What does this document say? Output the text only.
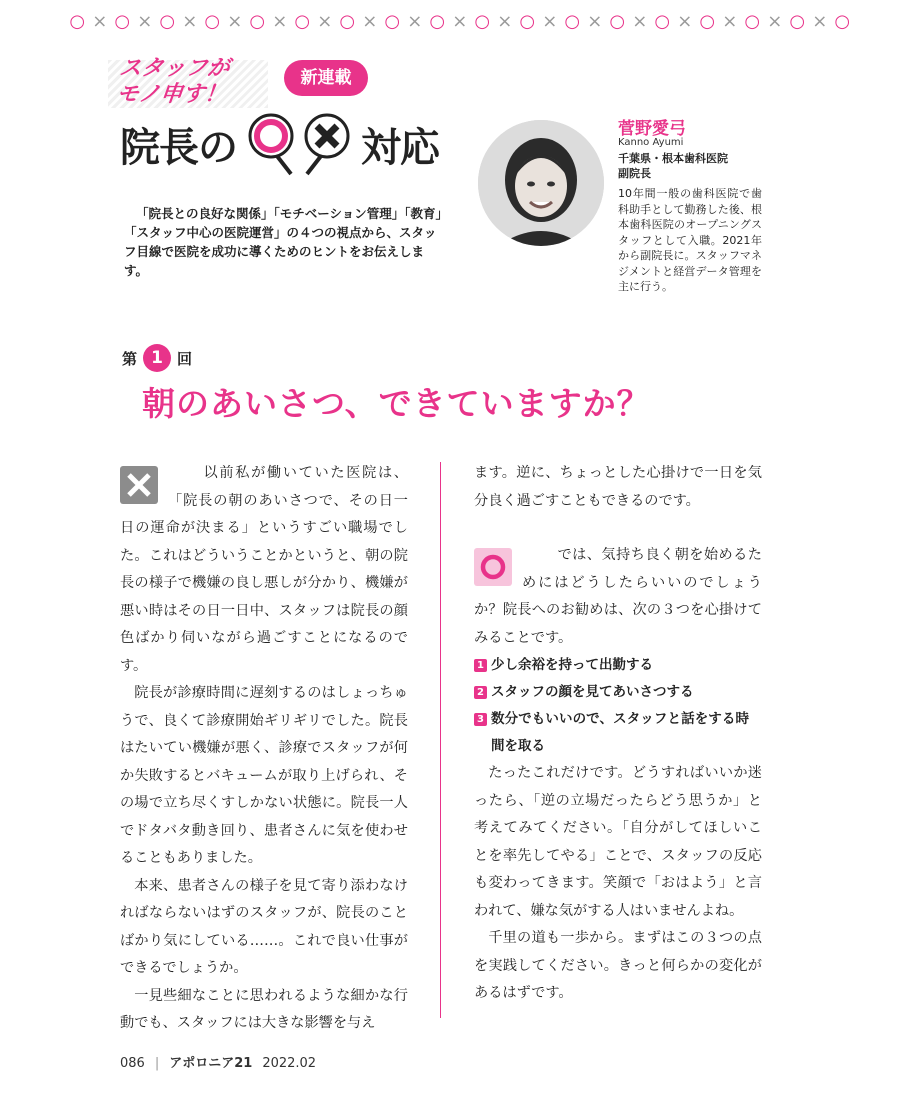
○ × ○ × ○ × ○ × ○ × ○ × ○ × ○ × ○ × ○ × ○ × ○ × ○ × ○ × ○ × ○ × ○ × ○
スタッフが
モノ申す！
新連載
院長の	対応
「院長との良好な関係」「モチベーション管理」「教育」「スタッフ中心の医院運営」の４つの視点から、スタッフ目線で医院を成功に導くためのヒントをお伝えします。
菅野愛弓
Kanno Ayumi
千葉県・根本歯科医院
副院長
10年間一般の歯科医院で歯科助手として勤務した後、根本歯科医院のオープニングスタッフとして入職。2021年から副院長に。スタッフマネジメントと経営データ管理を主に行う。
第 1 回
朝のあいさつ、できていますか？

以前私が働いていた医院は、「院長の朝のあいさつで、その日一日の運命が決まる」というすごい職場でした。これはどういうことかというと、朝の院長の様子で機嫌の良し悪しが分かり、機嫌が悪い時はその日一日中、スタッフは院長の顔色ばかり伺いながら過ごすことになるのです。

院長が診療時間に遅刻するのはしょっちゅうで、良くて診療開始ギリギリでした。院長はたいてい機嫌が悪く、診療でスタッフが何か失敗するとバキュームが取り上げられ、その場で立ち尽くすしかない状態に。院長一人でドタバタ動き回り、患者さんに気を使わせることもありました。

本来、患者さんの様子を見て寄り添わなければならないはずのスタッフが、院長のことばかり気にしている……。これで良い仕事ができるでしょうか。

一見些細なことに思われるような細かな行動でも、スタッフには大きな影響を与え

ます。逆に、ちょっとした心掛けで一日を気分良く過ごすこともできるのです。

では、気持ち良く朝を始めるためにはどうしたらいいのでしょうか？院長へのお勧めは、次の３つを心掛けてみることです。

1 少し余裕を持って出勤する
2 スタッフの顔を見てあいさつする
3 数分でもいいので、スタッフと話をする時間を取る

たったこれだけです。どうすればいいか迷ったら、「逆の立場だったらどう思うか」と考えてみてください。「自分がしてほしいことを率先してやる」ことで、スタッフの反応も変わってきます。笑顔で「おはよう」と言われて、嫌な気がする人はいませんよね。

千里の道も一歩から。まずはこの３つの点を実践してください。きっと何らかの変化があるはずです。

086 | アポロニア21 2022.02
